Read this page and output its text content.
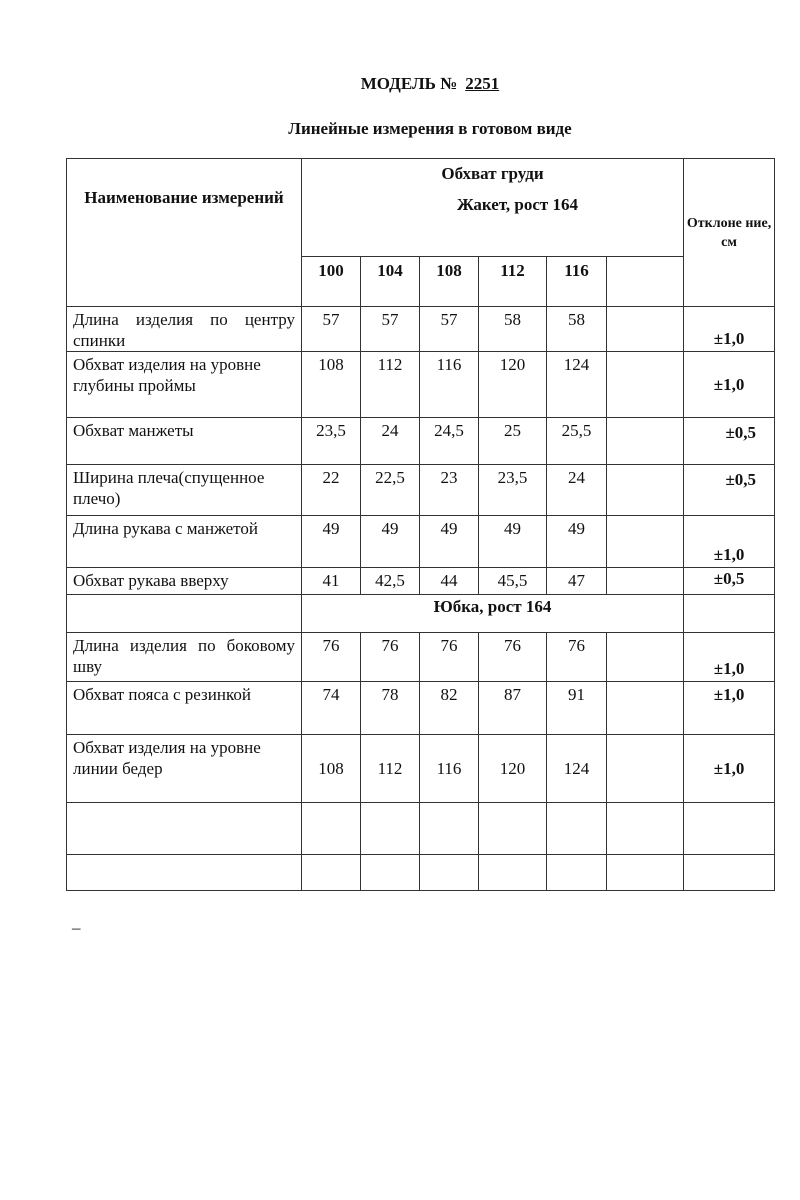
МОДЕЛЬ № 2251
Линейные измерения в готовом виде
Наименование измерений	Обхват груди
Жакет, рост 164						Отклоне ние, см
	100	104	108	112	116		
Длина изделия по центру спинки	57	57	57	58	58		±1,0
Обхват изделия на уровне глубины проймы	108	112	116	120	124		±1,0
Обхват манжеты	23,5	24	24,5	25	25,5		±0,5
Ширина плеча(спущенное плечо)	22	22,5	23	23,5	24		±0,5
Длина рукава с манжетой	49	49	49	49	49		±1,0
Обхват рукава вверху	41	42,5	44	45,5	47		±0,5
	Юбка, рост 164						
Длина изделия по боковому шву	76	76	76	76	76		±1,0
Обхват пояса с резинкой	74	78	82	87	91		±1,0
Обхват изделия на уровне линии бедер	108	112	116	120	124		±1,0

–
